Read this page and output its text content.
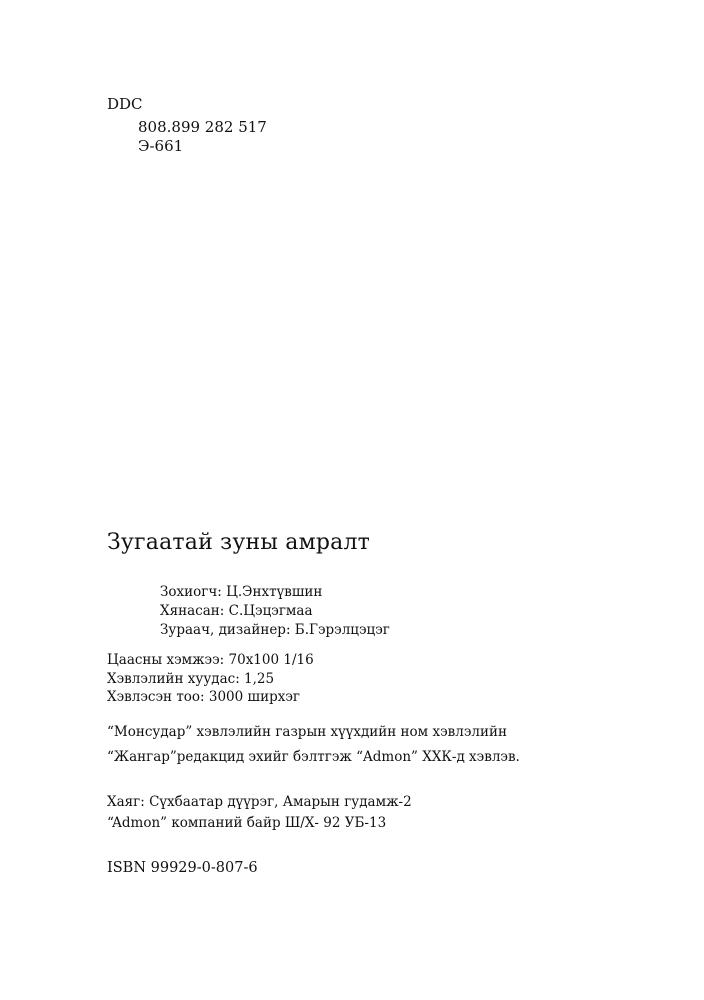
DDC
808.899 282 517
Э-661
Зугаатай зуны амралт
Зохиогч: Ц.Энхтүвшин
Хянасан: С.Цэцэгмаа
Зураач, дизайнер: Б.Гэрэлцэцэг
Цаасны хэмжээ: 70x100 1/16
Хэвлэлийн хуудас: 1,25
Хэвлэсэн тоо: 3000 ширхэг
“Монсудар” хэвлэлийн газрын хүүхдийн ном хэвлэлийн
“Жангар”редакцид эхийг бэлтгэж “Admon” ХХК-д хэвлэв.
Хаяг: Сүхбаатар дүүрэг, Амарын гудамж-2
“Admon” компаний байр Ш/Х- 92 УБ-13
ISBN 99929-0-807-6
